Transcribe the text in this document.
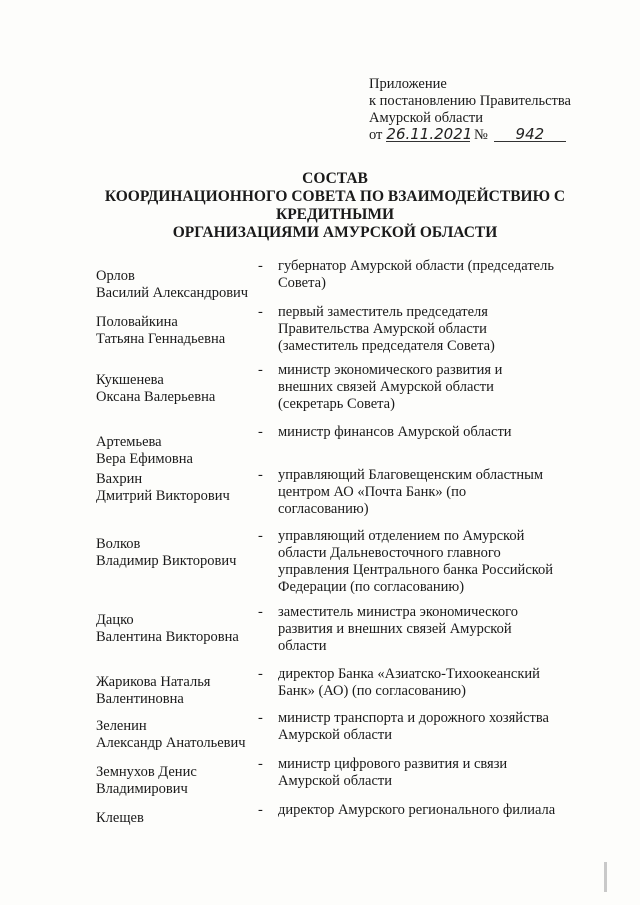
Приложение
к постановлению Правительства
Амурской области
от 26.11.2021 № 942
СОСТАВ
КООРДИНАЦИОННОГО СОВЕТА ПО ВЗАИМОДЕЙСТВИЮ С
КРЕДИТНЫМИ
ОРГАНИЗАЦИЯМИ АМУРСКОЙ ОБЛАСТИ
Орлов
Василий Александрович
- губернатор Амурской области (председатель
Совета)
Половайкина
Татьяна Геннадьевна
- первый заместитель председателя
Правительства Амурской области
(заместитель председателя Совета)
Кукшенева
Оксана Валерьевна
- министр экономического развития и
внешних связей Амурской области
(секретарь Совета)
Артемьева
Вера Ефимовна
- министр финансов Амурской области
Вахрин
Дмитрий Викторович
- управляющий Благовещенским областным
центром АО «Почта Банк» (по
согласованию)
Волков
Владимир Викторович
- управляющий отделением по Амурской
области Дальневосточного главного
управления Центрального банка Российской
Федерации (по согласованию)
Дацко
Валентина Викторовна
- заместитель министра экономического
развития и внешних связей Амурской
области
Жарикова Наталья
Валентиновна
- директор Банка «Азиатско-Тихоокеанский
Банк» (АО) (по согласованию)
Зеленин
Александр Анатольевич
- министр транспорта и дорожного хозяйства
Амурской области
Земнухов Денис
Владимирович
- министр цифрового развития и связи
Амурской области
Клещев	- директор Амурского регионального филиала
